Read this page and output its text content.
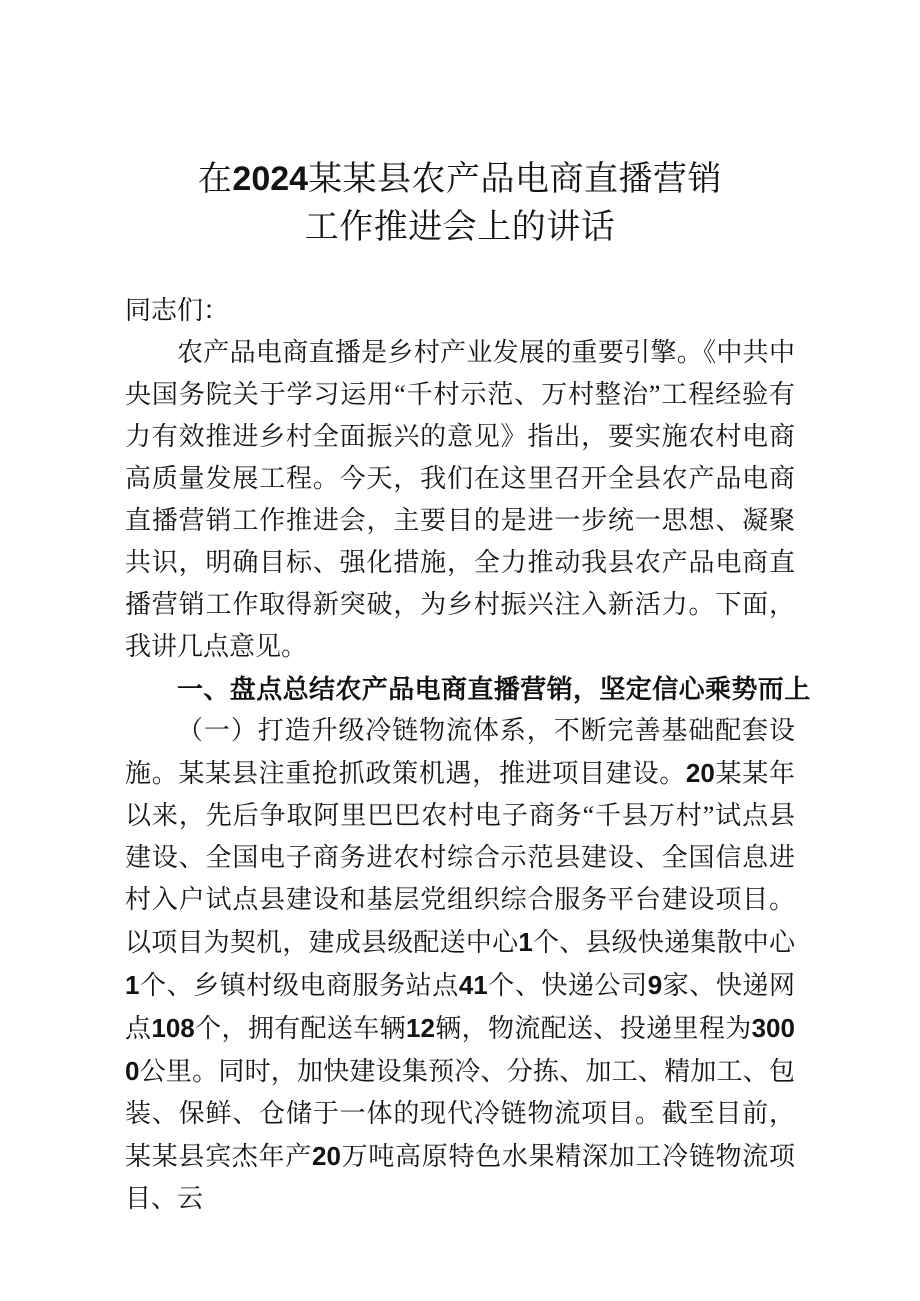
在2024某某县农产品电商直播营销
工作推进会上的讲话

同志们：

农产品电商直播是乡村产业发展的重要引擎。《中共中央国务院关于学习运用“千村示范、万村整治”工程经验有力有效推进乡村全面振兴的意见》指出，要实施农村电商高质量发展工程。今天，我们在这里召开全县农产品电商直播营销工作推进会，主要目的是进一步统一思想、凝聚共识，明确目标、强化措施，全力推动我县农产品电商直播营销工作取得新突破，为乡村振兴注入新活力。下面，我讲几点意见。

一、盘点总结农产品电商直播营销，坚定信心乘势而上

（一）打造升级冷链物流体系，不断完善基础配套设施。某某县注重抢抓政策机遇，推进项目建设。20某某年以来，先后争取阿里巴巴农村电子商务“千县万村”试点县建设、全国电子商务进农村综合示范县建设、全国信息进村入户试点县建设和基层党组织综合服务平台建设项目。以项目为契机，建成县级配送中心1个、县级快递集散中心1个、乡镇村级电商服务站点41个、快递公司9家、快递网点108个，拥有配送车辆12辆，物流配送、投递里程为3000公里。同时，加快建设集预冷、分拣、加工、精加工、包装、保鲜、仓储于一体的现代冷链物流项目。截至目前，某某县宾杰年产20万吨高原特色水果精深加工冷链物流项目、云
